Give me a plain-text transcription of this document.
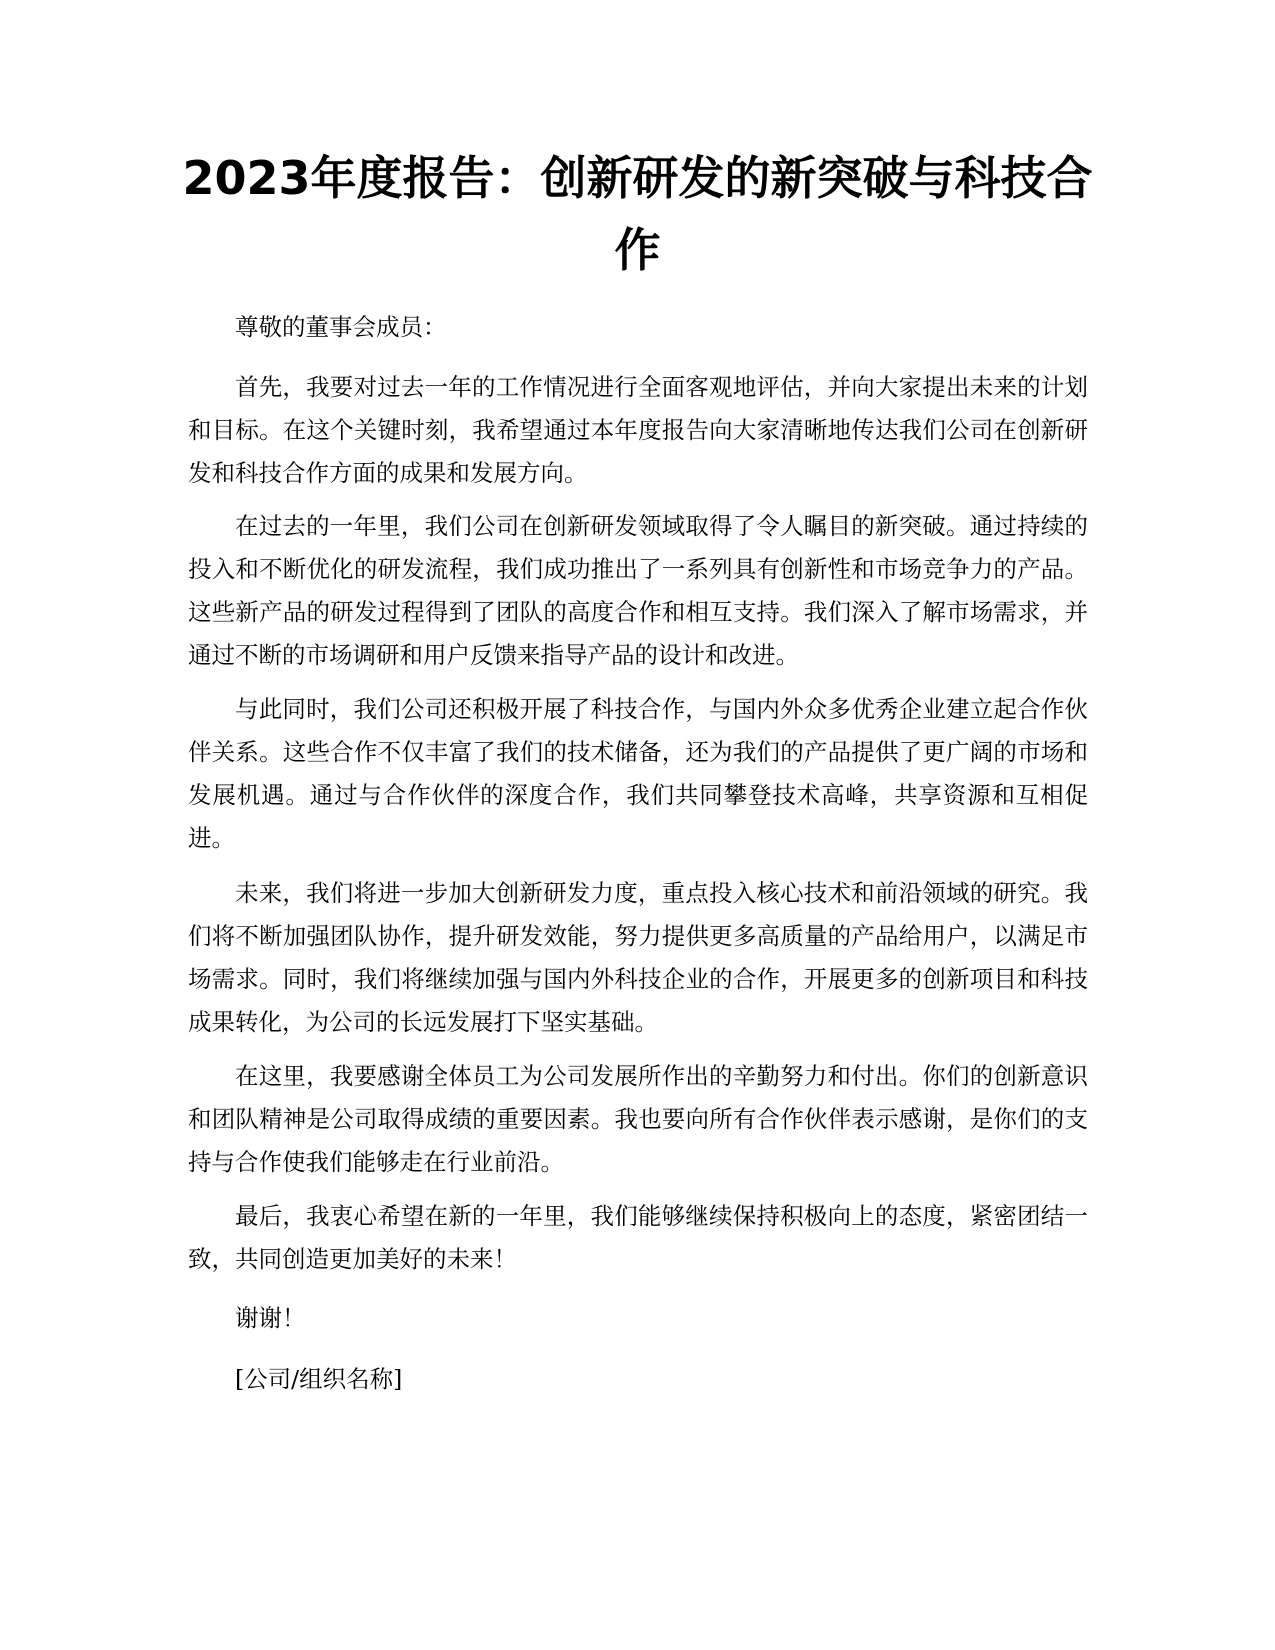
2023年度报告：创新研发的新突破与科技合作

尊敬的董事会成员：

首先，我要对过去一年的工作情况进行全面客观地评估，并向大家提出未来的计划和目标。在这个关键时刻，我希望通过本年度报告向大家清晰地传达我们公司在创新研发和科技合作方面的成果和发展方向。

在过去的一年里，我们公司在创新研发领域取得了令人瞩目的新突破。通过持续的投入和不断优化的研发流程，我们成功推出了一系列具有创新性和市场竞争力的产品。这些新产品的研发过程得到了团队的高度合作和相互支持。我们深入了解市场需求，并通过不断的市场调研和用户反馈来指导产品的设计和改进。

与此同时，我们公司还积极开展了科技合作，与国内外众多优秀企业建立起合作伙伴关系。这些合作不仅丰富了我们的技术储备，还为我们的产品提供了更广阔的市场和发展机遇。通过与合作伙伴的深度合作，我们共同攀登技术高峰，共享资源和互相促进。

未来，我们将进一步加大创新研发力度，重点投入核心技术和前沿领域的研究。我们将不断加强团队协作，提升研发效能，努力提供更多高质量的产品给用户，以满足市场需求。同时，我们将继续加强与国内外科技企业的合作，开展更多的创新项目和科技成果转化，为公司的长远发展打下坚实基础。

在这里，我要感谢全体员工为公司发展所作出的辛勤努力和付出。你们的创新意识和团队精神是公司取得成绩的重要因素。我也要向所有合作伙伴表示感谢，是你们的支持与合作使我们能够走在行业前沿。

最后，我衷心希望在新的一年里，我们能够继续保持积极向上的态度，紧密团结一致，共同创造更加美好的未来！

谢谢！

[公司/组织名称]
